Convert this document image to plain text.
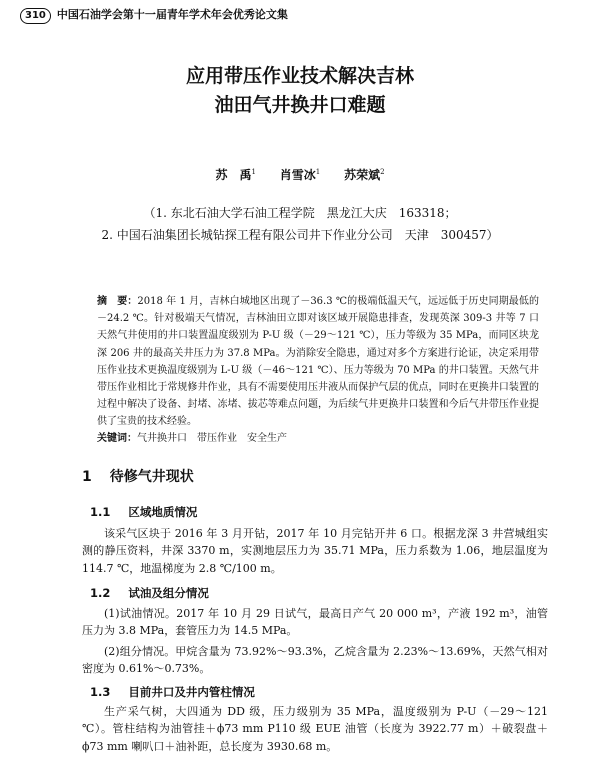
310 中国石油学会第十一届青年学术年会优秀论文集
应用带压作业技术解决吉林
油田气井换井口难题
苏　禹$^1$ 肖雪冰$^1$ 苏荣斌$^2$
（1. 东北石油大学石油工程学院　黑龙江大庆　163318；
2. 中国石油集团长城钻探工程有限公司井下作业分公司　天津　300457）
摘　要：2018 年 1 月，吉林白城地区出现了－36.3 ℃的极端低温天气，远远低于历史同期最低的－24.2 ℃。针对极端天气情况，吉林油田立即对该区域开展隐患排查，发现英深 309-3 井等 7 口天然气井使用的井口装置温度级别为 P-U 级（－29～121 ℃），压力等级为 35 MPa，而同区块龙深 206 井的最高关井压力为 37.8 MPa。为消除安全隐患，通过对多个方案进行论证，决定采用带压作业技术更换温度级别为 L-U 级（－46～121 ℃）、压力等级为 70 MPa 的井口装置。天然气井带压作业相比于常规修井作业，具有不需要使用压井液从而保护气层的优点，同时在更换井口装置的过程中解决了设备、封堵、冻堵、拔芯等难点问题，为后续气井更换井口装置和今后气井带压作业提供了宝贵的技术经验。
关键词：气井换井口 带压作业 安全生产
1 待修气井现状
1.1 区域地质情况
该采气区块于 2016 年 3 月开钻，2017 年 10 月完钻开井 6 口。根据龙深 3 井营城组实测的静压资料，井深 3370 m，实测地层压力为 35.71 MPa，压力系数为 1.06，地层温度为 114.7 ℃，地温梯度为 2.8 ℃/100 m。
1.2 试油及组分情况
(1)试油情况。2017 年 10 月 29 日试气，最高日产气 20 000 m³，产液 192 m³，油管压力为 3.8 MPa，套管压力为 14.5 MPa。
(2)组分情况。甲烷含量为 73.92%～93.3%，乙烷含量为 2.23%～13.69%，天然气相对密度为 0.61%～0.73%。
1.3 目前井口及井内管柱情况
生产采气树，大四通为 DD 级，压力级别为 35 MPa，温度级别为 P-U（－29～121 ℃）。管柱结构为油管挂＋ϕ73 mm P110 级 EUE 油管（长度为 3922.77 m）＋破裂盘＋ϕ73 mm 喇叭口＋油补距，总长度为 3930.68 m。
